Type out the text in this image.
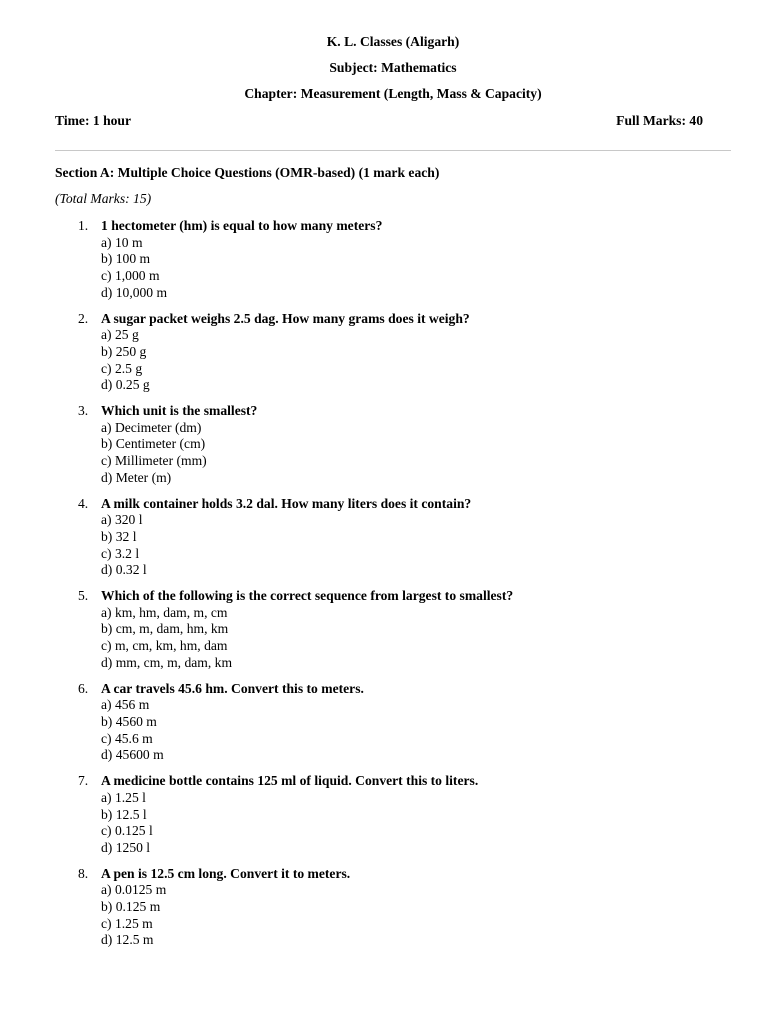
K. L. Classes (Aligarh)
Subject: Mathematics
Chapter: Measurement (Length, Mass & Capacity)
Time: 1 hour	Full Marks: 40
Section A: Multiple Choice Questions (OMR-based) (1 mark each)
(Total Marks: 15)
1. 1 hectometer (hm) is equal to how many meters?
a) 10 m
b) 100 m
c) 1,000 m
d) 10,000 m
2. A sugar packet weighs 2.5 dag. How many grams does it weigh?
a) 25 g
b) 250 g
c) 2.5 g
d) 0.25 g
3. Which unit is the smallest?
a) Decimeter (dm)
b) Centimeter (cm)
c) Millimeter (mm)
d) Meter (m)
4. A milk container holds 3.2 dal. How many liters does it contain?
a) 320 l
b) 32 l
c) 3.2 l
d) 0.32 l
5. Which of the following is the correct sequence from largest to smallest?
a) km, hm, dam, m, cm
b) cm, m, dam, hm, km
c) m, cm, km, hm, dam
d) mm, cm, m, dam, km
6. A car travels 45.6 hm. Convert this to meters.
a) 456 m
b) 4560 m
c) 45.6 m
d) 45600 m
7. A medicine bottle contains 125 ml of liquid. Convert this to liters.
a) 1.25 l
b) 12.5 l
c) 0.125 l
d) 1250 l
8. A pen is 12.5 cm long. Convert it to meters.
a) 0.0125 m
b) 0.125 m
c) 1.25 m
d) 12.5 m
